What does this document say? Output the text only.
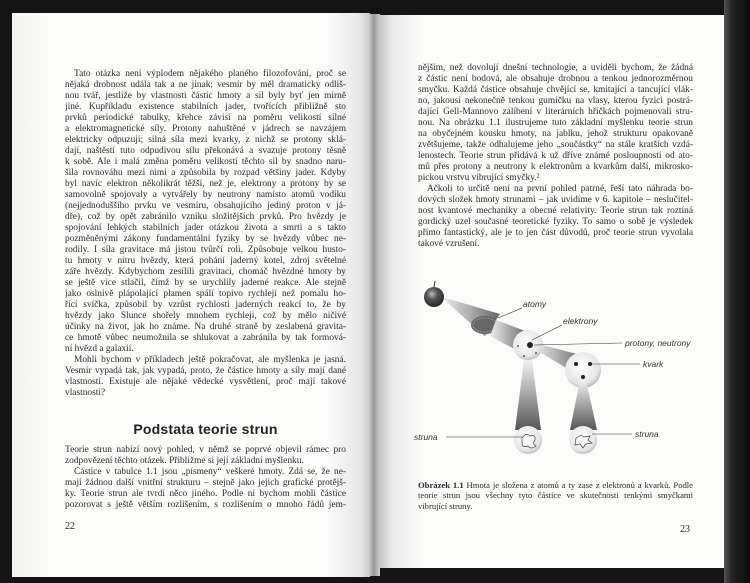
Tato otázka není výplodem nějakého planého filozofování, proč se
nějaká drobnost udála tak a ne jinak; vesmír by měl dramaticky odliš-
nou tvář, jestliže by vlastnosti částic hmoty a sil byly byť jen mírně
jiné. Kupříkladu existence stabilních jader, tvořících přibližně sto
prvků periodické tabulky, křehce závisí na poměru velikostí silné
a elektromagnetické síly. Protony nahuštěné v jádrech se navzájem
elektricky odpuzují; silná síla mezi kvarky, z nichž se protony sklá-
dají, naštěstí tuto odpudivou sílu překonává a svazuje protony těsně
k sobě. Ale i malá změna poměru velikostí těchto sil by snadno naru-
šila rovnováhu mezi nimi a způsobila by rozpad většiny jader. Kdyby
byl navíc elektron několikrát těžší, než je, elektrony a protony by se
samovolně spojovaly a vytvářely by neutrony namísto atomů vodíku
(nejjednoduššího prvku ve vesmíru, obsahujícího jediný proton v já-
dře), což by opět zabránilo vzniku složitějších prvků. Pro hvězdy je
spojování lehkých stabilních jader otázkou života a smrti a s takto
pozměněnými zákony fundamentální fyziky by se hvězdy vůbec ne-
rodily. I síla gravitace má jistou tvůrčí roli. Způsobuje velkou husto-
tu hmoty v nitru hvězdy, která pohání jaderný kotel, zdroj světelné
záře hvězdy. Kdybychom zesílili gravitaci, chomáč hvězdné hmoty by
se ještě více stlačil, čímž by se urychlily jaderné reakce. Ale stejně
jako oslnivě plápolající plamen spálí topivo rychleji než pomalu ho-
řící svíčka, způsobil by vzrůst rychlosti jaderných reakcí to, že by
hvězdy jako Slunce shořely mnohem rychleji, což by mělo ničivé
účinky na život, jak ho známe. Na druhé straně by zeslabená gravita-
ce hmotě vůbec neumožnila se shlukovat a zabránila by tak formová-
ní hvězd a galaxií.
Mohli bychom v příkladech ještě pokračovat, ale myšlenka je jasná.
Vesmír vypadá tak, jak vypadá, proto, že částice hmoty a síly mají dané
vlastnosti. Existuje ale nějaké vědecké vysvětlení, proč mají takové
vlastnosti?
Podstata teorie strun
Teorie strun nabízí nový pohled, v němž se poprvé objevil rámec pro
zodpovězení těchto otázek. Přibližme si její základní myšlenku.
Částice v tabulce 1.1 jsou „písmeny“ veškeré hmoty. Zdá se, že ne-
mají žádnou další vnitřní strukturu – stejně jako jejich grafické protějš-
ky. Teorie strun ale tvrdí něco jiného. Podle ní bychom mohli částice
pozorovat s ještě větším rozlišením, s rozlišením o mnoho řádů jem-
22
nějším, než dovolují dnešní technologie, a uviděli bychom, že žádná
z částic není bodová, ale obsahuje drobnou a tenkou jednorozměrnou
smyčku. Každá částice obsahuje chvějící se, kmitající a tancující vlák-
no, jakousi nekonečně tenkou gumičku na vlasy, kterou fyzici postrá-
dající Gell-Mannovo zalíbení v literárních hříčkách pojmenovali stru-
nou. Na obrázku 1.1 ilustrujeme tuto základní myšlenku teorie strun
na obyčejném kousku hmoty, na jablku, jehož strukturu opakovaně
zvětšujeme, takže odhalujeme jeho „součástky“ na stále kratších vzdá-
lenostech. Teorie strun přidává k už dříve známé posloupnosti od ato-
mů přes protony a neutrony k elektronům a kvarkům další, mikrosko-
pickou vrstvu vibrující smyčky.²
Ačkoli to určitě není na první pohled patrné, řeší tato náhrada bo-
dových složek hmoty strunami – jak uvidíme v 6. kapitole – neslučitel-
nost kvantové mechaniky a obecné relativity. Teorie strun tak roztíná
gordický uzel současné teoretické fyziky. To samo o sobě je výsledek
přímo fantastický, ale je to jen část důvodů, proč teorie strun vyvolala
takové vzrušení.
atomy
elektrony
protony, neutrony
kvark
struna	struna
Obrázek 1.1 Hmota je složena z atomů a ty zase z elektronů a kvarků. Podle
teorie strun jsou všechny tyto částice ve skutečnosti tenkými smyčkami
vibrující struny.
23
